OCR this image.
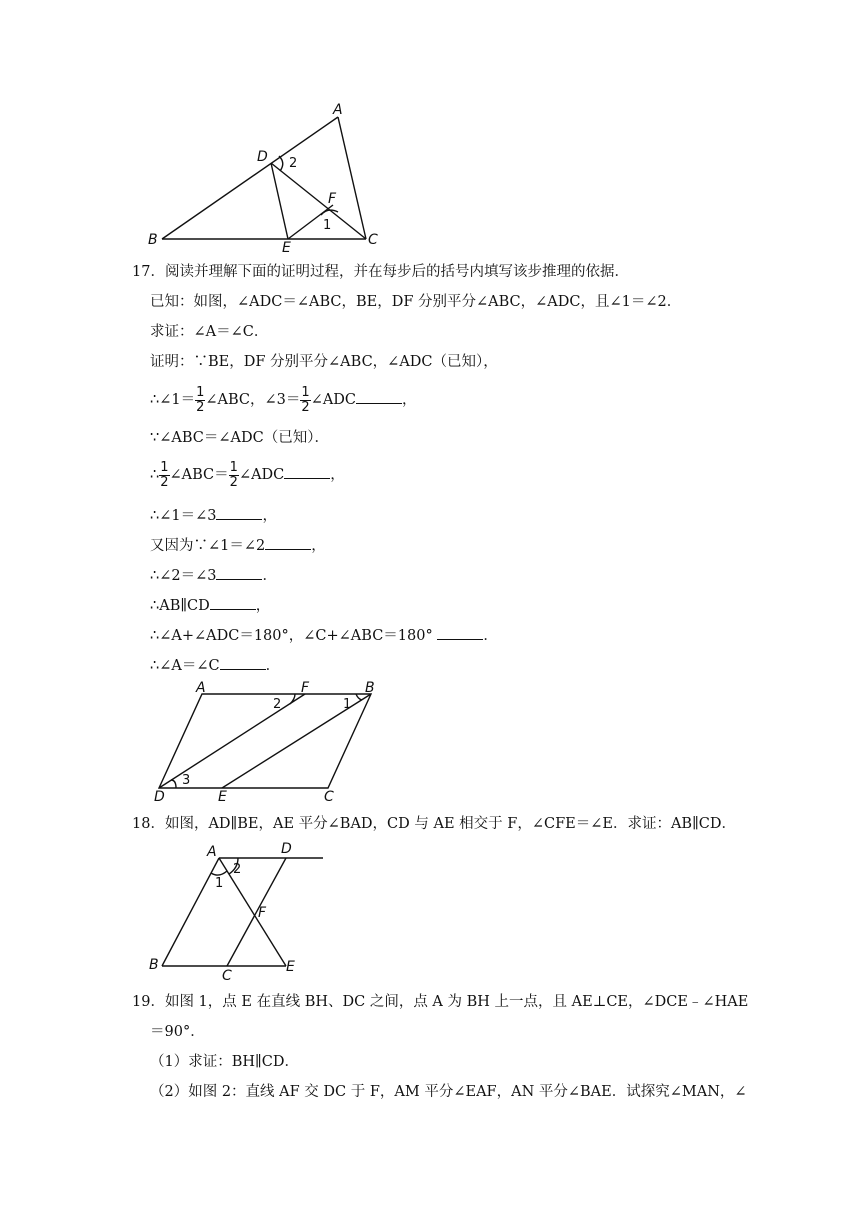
A
B	C
D
E
F
2
1
17．阅读并理解下面的证明过程，并在每步后的括号内填写该步推理的依据．
已知：如图，∠ADC＝∠ABC，BE，DF 分别平分∠ABC，∠ADC，且∠1＝∠2．
求证：∠A＝∠C．
证明：∵BE，DF 分别平分∠ABC，∠ADC（已知），
∴∠1＝ $\frac{1}{2}$ ∠ABC，∠3＝ $\frac{1}{2}$ ∠ADC	，
∵∠ABC＝∠ADC（已知）．
∴ $\frac{1}{2}$ ∠ABC＝ $\frac{1}{2}$ ∠ADC	，
∴∠1＝∠3	，
又因为∵∠1＝∠2	，
∴∠2＝∠3	．
∴AB∥CD	，
∴∠A+∠ADC＝180°，∠C+∠ABC＝180°	．
∴∠A＝∠C	．
A	B
C
D	E
F
3
2	1
18．如图，AD∥BE，AE 平分∠BAD，CD 与 AE 相交于 F，∠CFE＝∠E．求证：AB∥CD．
A
B
C
D
E
F
2
1
19．如图 1，点 E 在直线 BH、DC 之间，点 A 为 BH 上一点，且 AE⊥CE，∠DCE﹣∠HAE
＝90°．
（1）求证：BH∥CD．
（2）如图 2：直线 AF 交 DC 于 F，AM 平分∠EAF，AN 平分∠BAE．试探究∠MAN，∠
